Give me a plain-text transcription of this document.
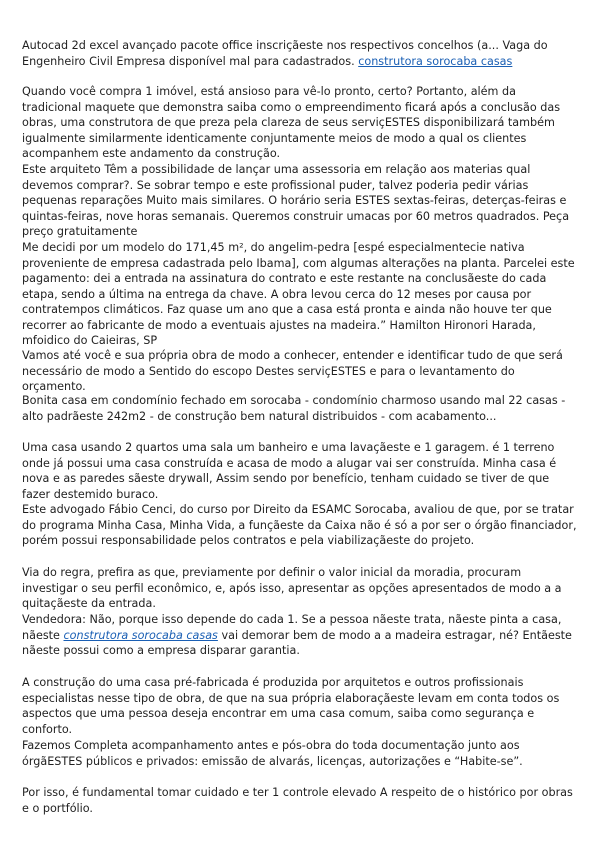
Autocad 2d excel avançado pacote office inscriçãeste nos respectivos concelhos (a... Vaga do Engenheiro Civil Empresa disponível mal para cadastrados. construtora sorocaba casas

Quando você compra 1 imóvel, está ansioso para vê-lo pronto, certo? Portanto, além da tradicional maquete que demonstra saiba como o empreendimento ficará após a conclusão das obras, uma construtora de que preza pela clareza de seus serviçESTES disponibilizará também igualmente similarmente identicamente conjuntamente meios de modo a qual os clientes acompanhem este andamento da construção.

Este arquiteto Têm a possibilidade de lançar uma assessoria em relação aos materias qual devemos comprar?. Se sobrar tempo e este profissional puder, talvez poderia pedir várias pequenas reparações Muito mais similares. O horário seria ESTES sextas-feiras, deterças-feiras e quintas-feiras, nove horas semanais. Queremos construir umacas por 60 metros quadrados. Peça preço gratuitamente

Me decidi por um modelo do 171,45 m², do angelim-pedra [espé especialmentecie nativa proveniente de empresa cadastrada pelo Ibama], com algumas alterações na planta. Parcelei este pagamento: dei a entrada na assinatura do contrato e este restante na conclusãeste do cada etapa, sendo a última na entrega da chave. A obra levou cerca do 12 meses por causa por contratempos climáticos. Faz quase um ano que a casa está pronta e ainda não houve ter que recorrer ao fabricante de modo a eventuais ajustes na madeira.” Hamilton Hironori Harada, mfoidico do Caieiras, SP

Vamos até você e sua própria obra de modo a conhecer, entender e identificar tudo de que será necessário de modo a Sentido do escopo Destes serviçESTES e para o levantamento do orçamento.

Bonita casa em condomínio fechado em sorocaba - condomínio charmoso usando mal 22 casas - alto padrãeste 242m2 - de construção bem natural distribuidos - com acabamento...

Uma casa usando 2 quartos uma sala um banheiro e uma lavaçãeste e 1 garagem. é 1 terreno onde já possui uma casa construída e acasa de modo a alugar vai ser construída. Minha casa é nova e as paredes sãeste drywall, Assim sendo por benefício, tenham cuidado se tiver de que fazer destemido buraco.

Este advogado Fábio Cenci, do curso por Direito da ESAMC Sorocaba, avaliou de que, por se tratar do programa Minha Casa, Minha Vida, a funçãeste da Caixa não é só a por ser o órgão financiador, porém possui responsabilidade pelos contratos e pela viabilizaçãeste do projeto.

Via do regra, prefira as que, previamente por definir o valor inicial da moradia, procuram investigar o seu perfil econômico, e, após isso, apresentar as opções apresentados de modo a a quitaçãeste da entrada.

Vendedora: Não, porque isso depende do cada 1. Se a pessoa nãeste trata, nãeste pinta a casa, nãeste construtora sorocaba casas vai demorar bem de modo a a madeira estragar, né? Entãeste nãeste possui como a empresa disparar garantia.

A construção do uma casa pré-fabricada é produzida por arquitetos e outros profissionais especialistas nesse tipo de obra, de que na sua própria elaboraçãeste levam em conta todos os aspectos que uma pessoa deseja encontrar em uma casa comum, saiba como segurança e conforto.

Fazemos Completa acompanhamento antes e pós-obra do toda documentação junto aos órgãESTES públicos e privados: emissão de alvarás, licenças, autorizações e “Habite-se”.

Por isso, é fundamental tomar cuidado e ter 1 controle elevado A respeito de o histórico por obras e o portfólio.
